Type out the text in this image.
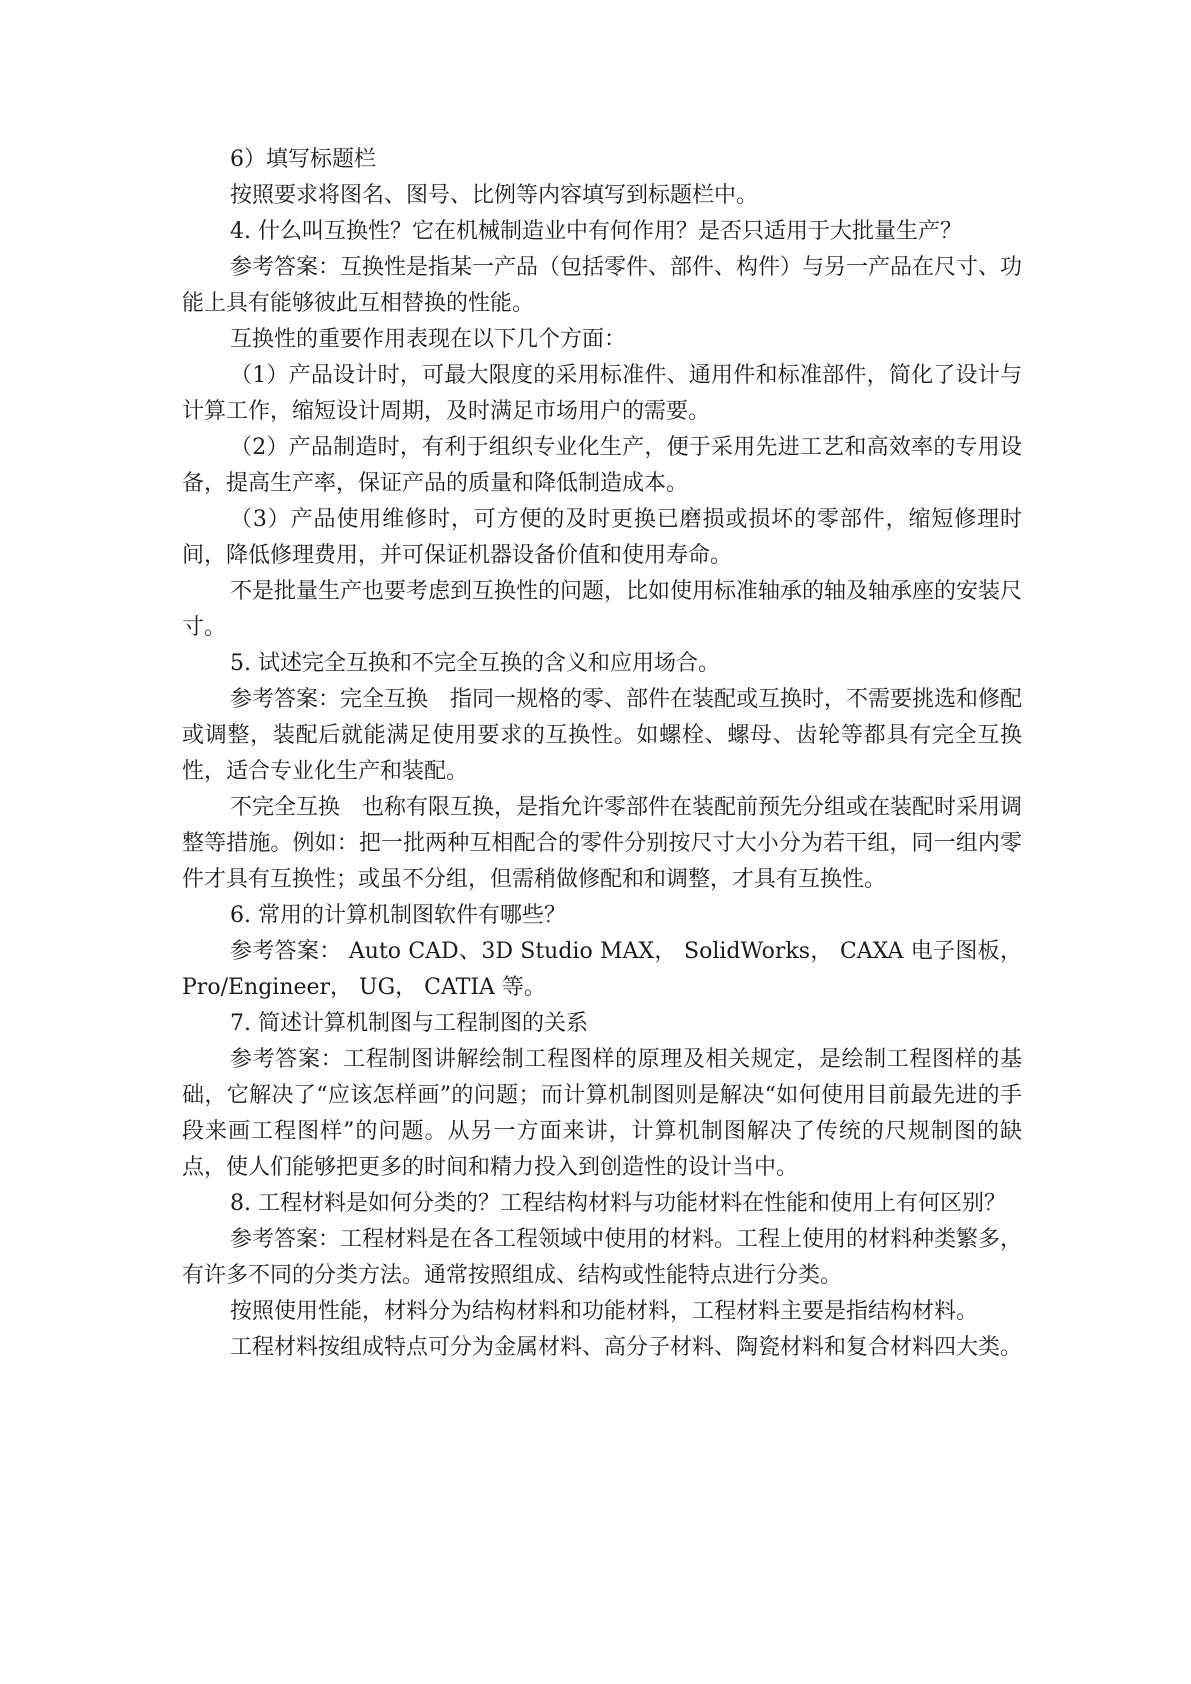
6）填写标题栏

按照要求将图名、图号、比例等内容填写到标题栏中。

4. 什么叫互换性？它在机械制造业中有何作用？是否只适用于大批量生产？

参考答案：互换性是指某一产品（包括零件、部件、构件）与另一产品在尺寸、功能上具有能够彼此互相替换的性能。

互换性的重要作用表现在以下几个方面：

（1）产品设计时，可最大限度的采用标准件、通用件和标准部件，简化了设计与计算工作，缩短设计周期，及时满足市场用户的需要。

（2）产品制造时，有利于组织专业化生产，便于采用先进工艺和高效率的专用设备，提高生产率，保证产品的质量和降低制造成本。

（3）产品使用维修时，可方便的及时更换已磨损或损坏的零部件，缩短修理时间，降低修理费用，并可保证机器设备价值和使用寿命。

不是批量生产也要考虑到互换性的问题，比如使用标准轴承的轴及轴承座的安装尺寸。

5. 试述完全互换和不完全互换的含义和应用场合。

参考答案：完全互换　指同一规格的零、部件在装配或互换时，不需要挑选和修配或调整，装配后就能满足使用要求的互换性。如螺栓、螺母、齿轮等都具有完全互换性，适合专业化生产和装配。

不完全互换　也称有限互换，是指允许零部件在装配前预先分组或在装配时采用调整等措施。例如：把一批两种互相配合的零件分别按尺寸大小分为若干组，同一组内零件才具有互换性；或虽不分组，但需稍做修配和和调整，才具有互换性。

6. 常用的计算机制图软件有哪些？

参考答案： Auto CAD、3D Studio MAX， SolidWorks， CAXA 电子图板， Pro/Engineer， UG， CATIA 等。

7. 简述计算机制图与工程制图的关系

参考答案：工程制图讲解绘制工程图样的原理及相关规定，是绘制工程图样的基础，它解决了“应该怎样画”的问题；而计算机制图则是解决“如何使用目前最先进的手段来画工程图样”的问题。从另一方面来讲，计算机制图解决了传统的尺规制图的缺点，使人们能够把更多的时间和精力投入到创造性的设计当中。

8. 工程材料是如何分类的？工程结构材料与功能材料在性能和使用上有何区别？

参考答案：工程材料是在各工程领域中使用的材料。工程上使用的材料种类繁多，有许多不同的分类方法。通常按照组成、结构或性能特点进行分类。

按照使用性能，材料分为结构材料和功能材料，工程材料主要是指结构材料。

工程材料按组成特点可分为金属材料、高分子材料、陶瓷材料和复合材料四大类。
